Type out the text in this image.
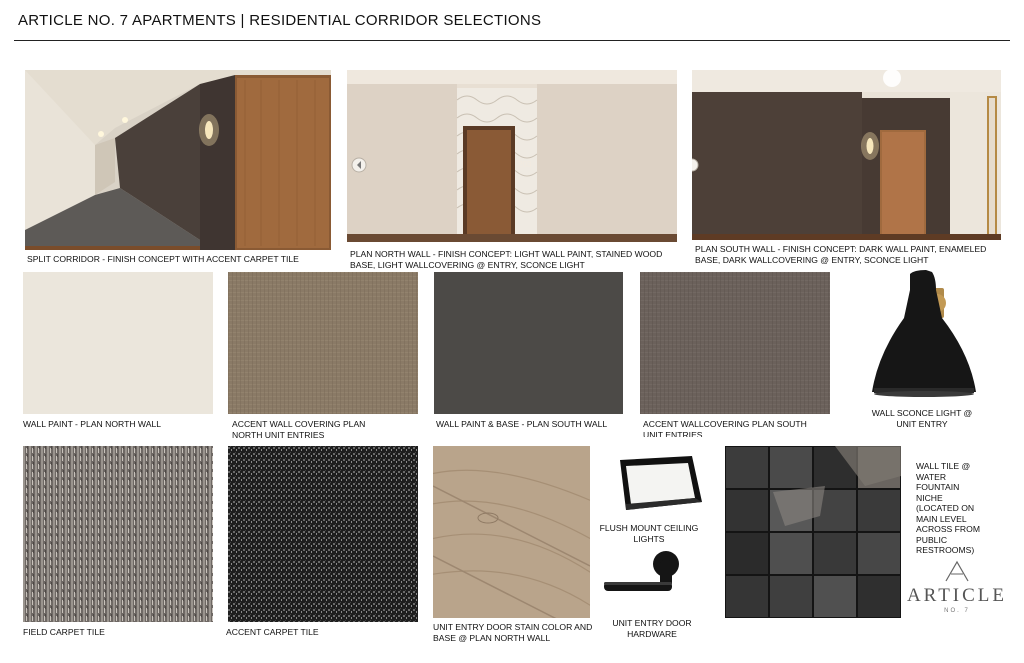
ARTICLE NO. 7 APARTMENTS | RESIDENTIAL CORRIDOR SELECTIONS
SPLIT CORRIDOR - FINISH CONCEPT WITH ACCENT CARPET TILE
203
PLAN NORTH WALL - FINISH CONCEPT: LIGHT WALL PAINT, STAINED WOOD BASE, LIGHT WALLCOVERING @ ENTRY, SCONCE LIGHT
PLAN SOUTH WALL - FINISH CONCEPT: DARK WALL PAINT, ENAMELED BASE, DARK WALLCOVERING @ ENTRY, SCONCE LIGHT
WALL PAINT - PLAN NORTH WALL	ACCENT WALL COVERING PLAN NORTH UNIT ENTRIES
WALL PAINT & BASE - PLAN SOUTH WALL	ACCENT WALLCOVERING PLAN SOUTH UNIT ENTRIES
WALL SCONCE LIGHT @ UNIT ENTRY
FIELD CARPET TILE	ACCENT CARPET TILE	UNIT ENTRY DOOR STAIN COLOR AND BASE @ PLAN NORTH WALL
FLUSH MOUNT CEILING LIGHTS
UNIT ENTRY DOOR HARDWARE
WALL TILE @ WATER FOUNTAIN NICHE (LOCATED ON MAIN LEVEL ACROSS FROM PUBLIC RESTROOMS)
ARTICLE
NO. 7
